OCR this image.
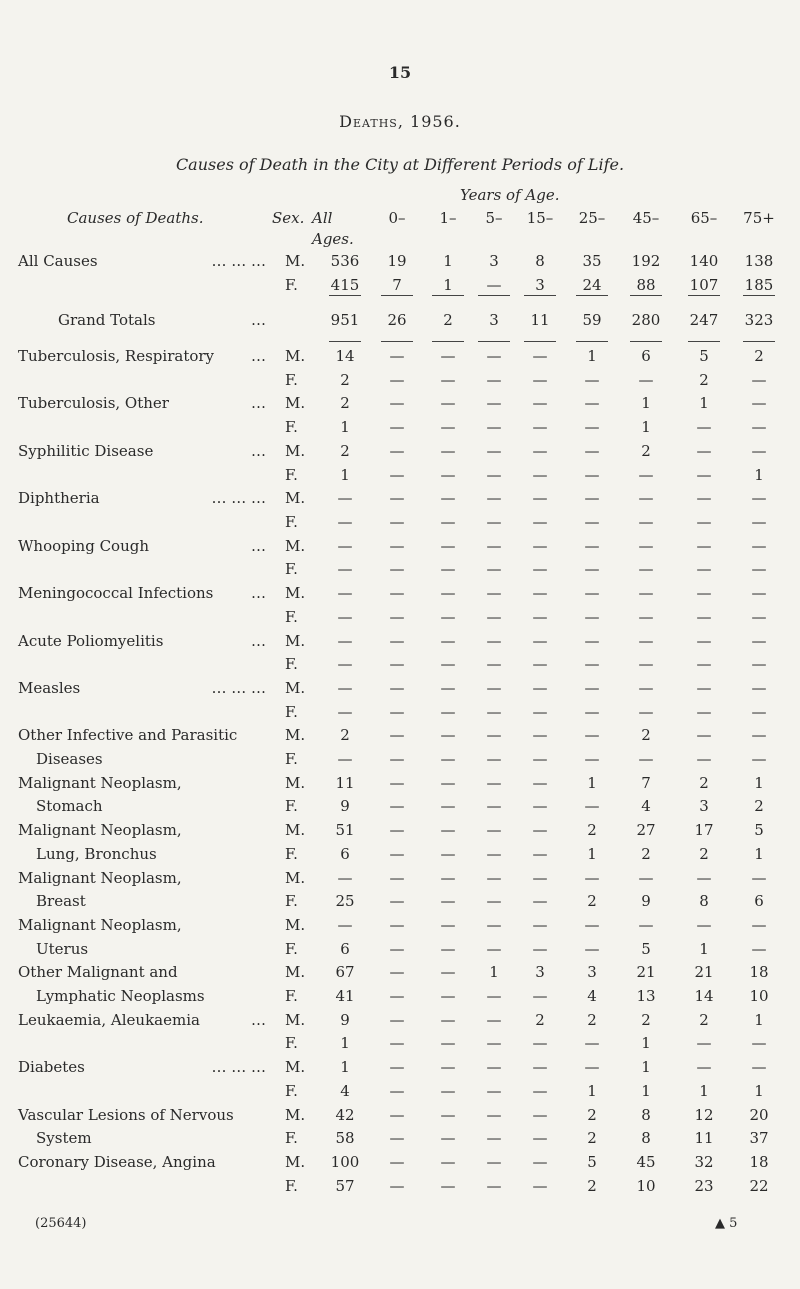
15
Deaths, 1956.
Causes of Death in the City at Different Periods of Life.
Years of Age.
Causes of Deaths.	Sex. All
Ages.
0–	1–	5–	15–	25–	45–	65–	75+
All Causes	… … … M.	536	19	1	3	8	35	192	140	138
F.	415	7	1	—	3	24	88	107	185
Grand Totals	…	951	26	2	3	11	59	280	247	323
Tuberculosis, Respiratory	… M.	14	—	—	—	—	1	6	5	2
F.	2	—	—	—	—	—	—	2	—
Tuberculosis, Other	… M.	2	—	—	—	—	—	1	1	—
F.	1	—	—	—	—	—	1	—	—
Syphilitic Disease	… M.	2	—	—	—	—	—	2	—	—
F.	1	—	—	—	—	—	—	—	1
Diphtheria	… … … M.	—	—	—	—	—	—	—	—	—
F.	—	—	—	—	—	—	—	—	—
Whooping Cough	… M.	—	—	—	—	—	—	—	—	—
F.	—	—	—	—	—	—	—	—	—
Meningococcal Infections	… M.	—	—	—	—	—	—	—	—	—
F.	—	—	—	—	—	—	—	—	—
Acute Poliomyelitis	… M.	—	—	—	—	—	—	—	—	—
F.	—	—	—	—	—	—	—	—	—
Measles	… … … M.	—	—	—	—	—	—	—	—	—
F.	—	—	—	—	—	—	—	—	—
Other Infective and Parasitic	M.	2	—	—	—	—	—	2	—	—
Diseases	F.	—	—	—	—	—	—	—	—	—
Malignant Neoplasm,	M.	11	—	—	—	—	1	7	2	1
Stomach	F.	9	—	—	—	—	—	4	3	2
Malignant Neoplasm,	M.	51	—	—	—	—	2	27	17	5
Lung, Bronchus	F.	6	—	—	—	—	1	2	2	1
Malignant Neoplasm,	M.	—	—	—	—	—	—	—	—	—
Breast	F.	25	—	—	—	—	2	9	8	6
Malignant Neoplasm,	M.	—	—	—	—	—	—	—	—	—
Uterus	F.	6	—	—	—	—	—	5	1	—
Other Malignant and	M.	67	—	—	1	3	3	21	21	18
Lymphatic Neoplasms	F.	41	—	—	—	—	4	13	14	10
Leukaemia, Aleukaemia	… M.	9	—	—	—	2	2	2	2	1
F.	1	—	—	—	—	—	1	—	—
Diabetes	… … … M.	1	—	—	—	—	—	1	—	—
F.	4	—	—	—	—	1	1	1	1
Vascular Lesions of Nervous	M.	42	—	—	—	—	2	8	12	20
System	F.	58	—	—	—	—	2	8	11	37
Coronary Disease, Angina	M.	100	—	—	—	—	5	45	32	18
F.	57	—	—	—	—	2	10	23	22
(25644)	▲ 5
